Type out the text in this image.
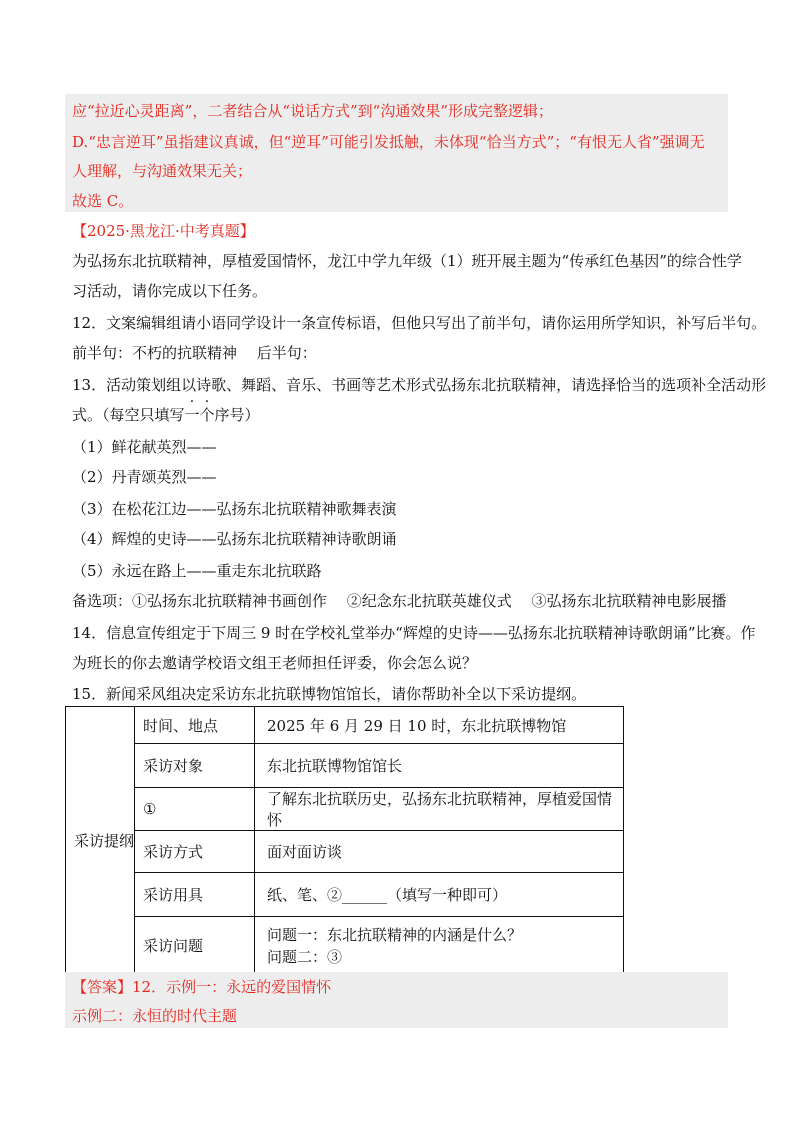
应“拉近心灵距离”，二者结合从“说话方式”到“沟通效果”形成完整逻辑；
D.“忠言逆耳”虽指建议真诚，但“逆耳”可能引发抵触，未体现“恰当方式”；“有恨无人省”强调无
人理解，与沟通效果无关；
故选 C。
【2025·黑龙江·中考真题】
为弘扬东北抗联精神，厚植爱国情怀，龙江中学九年级（1）班开展主题为“传承红色基因”的综合性学
习活动，请你完成以下任务。
12．文案编辑组请小语同学设计一条宣传标语，但他只写出了前半句，请你运用所学知识，补写后半句。
前半句：不朽的抗联精神　 后半句：
13．活动策划组以诗歌、舞蹈、音乐、书画等艺术形式弘扬东北抗联精神，请选择恰当的选项补全活动形
式。（每空只填写一个序号）
（1）鲜花献英烈——
（2）丹青颂英烈——
（3）在松花江边——弘扬东北抗联精神歌舞表演
（4）辉煌的史诗——弘扬东北抗联精神诗歌朗诵
（5）永远在路上——重走东北抗联路
备选项：①弘扬东北抗联精神书画创作　 ②纪念东北抗联英雄仪式　 ③弘扬东北抗联精神电影展播
14．信息宣传组定于下周三 9 时在学校礼堂举办“辉煌的史诗——弘扬东北抗联精神诗歌朗诵”比赛。作
为班长的你去邀请学校语文组王老师担任评委，你会怎么说？
15．新闻采风组决定采访东北抗联博物馆馆长，请你帮助补全以下采访提纲。
采访提纲	时间、地点	2025 年 6 月 29 日 10 时，东北抗联博物馆
	采访对象	东北抗联博物馆馆长
	①	了解东北抗联历史，弘扬东北抗联精神，厚植爱国情怀
	采访方式	面对面访谈
	采访用具	纸、笔、②______（填写一种即可）
	采访问题	问题一：东北抗联精神的内涵是什么？
问题二：③
【答案】12．示例一：永远的爱国情怀
示例二：永恒的时代主题
